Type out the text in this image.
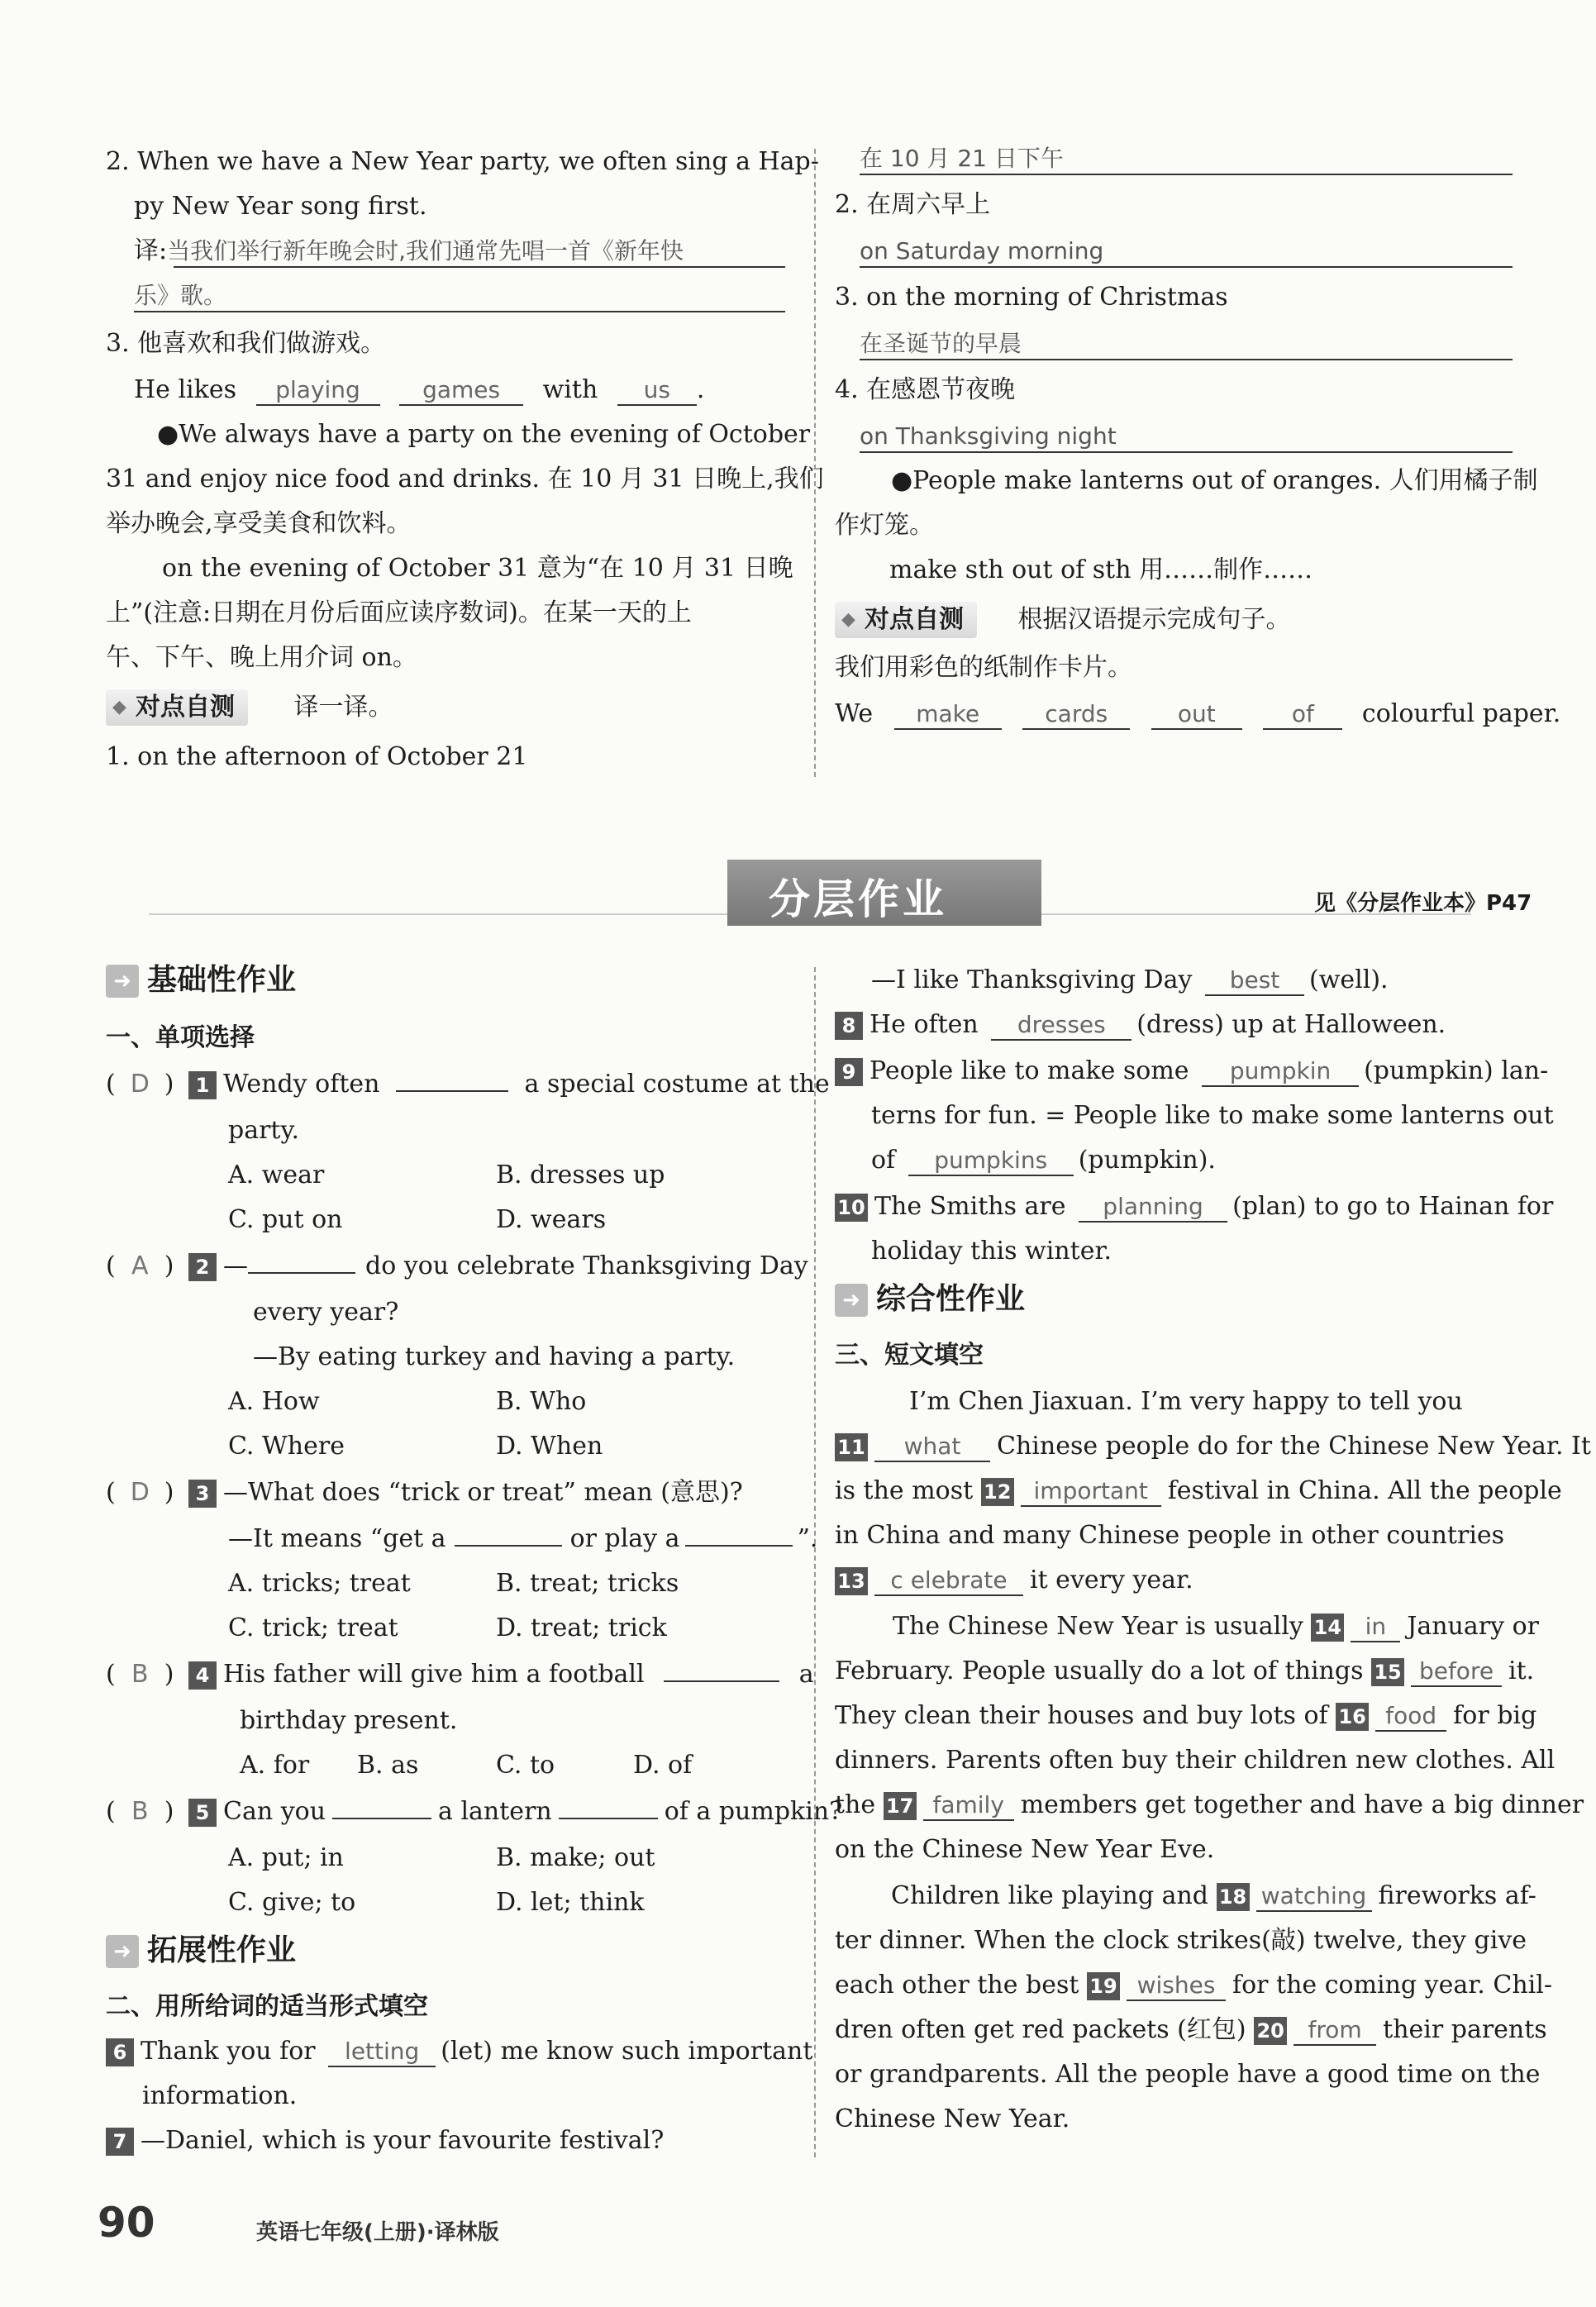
2. When we have a New Year party, we often sing a Hap-
py New Year song first.
译:当我们举行新年晚会时,我们通常先唱一首《新年快
乐》歌。
3. 他喜欢和我们做游戏。
He likes playing	games with us .
●We always have a party on the evening of October
31 and enjoy nice food and drinks. 在 10 月 31 日晚上,我们
举办晚会,享受美食和饮料。
on the evening of October 31 意为“在 10 月 31 日晚
上”(注意:日期在月份后面应读序数词)。在某一天的上
午、下午、晚上用介词 on。
◆ 对点自测 译一译。
1. on the afternoon of October 21
在 10 月 21 日下午
2. 在周六早上
on Saturday morning
3. on the morning of Christmas
在圣诞节的早晨
4. 在感恩节夜晚
on Thanksgiving night
●People make lanterns out of oranges. 人们用橘子制
作灯笼。
make sth out of sth 用……制作……
◆ 对点自测 根据汉语提示完成句子。
我们用彩色的纸制作卡片。
We make	cards	out	of colourful paper.
分层作业	见《分层作业本》P47
➜ 基础性作业
一、单项选择
( D ) 1 Wendy often	a special costume at the
party.
A. wear	B. dresses up
C. put on	D. wears
( A ) 2 —	do you celebrate Thanksgiving Day
every year?
—By eating turkey and having a party.
A. How	B. Who
C. Where	D. When
( D ) 3 —What does “trick or treat” mean (意思)?
—It means “get a	or play a	”.
A. tricks; treat	B. treat; tricks
C. trick; treat	D. treat; trick
( B ) 4 His father will give him a football	a
birthday present.
A. for B. as	C. to	D. of
( B ) 5 Can you	a lantern	of a pumpkin?
A. put; in	B. make; out
C. give; to	D. let; think
➜ 拓展性作业
二、用所给词的适当形式填空
6 Thank you for letting (let) me know such important
information.
7 —Daniel, which is your favourite festival?
—I like Thanksgiving Day best (well).
8 He often dresses (dress) up at Halloween.
9 People like to make some pumpkin (pumpkin) lan-
terns for fun. = People like to make some lanterns out
of pumpkins (pumpkin).
10 The Smiths are planning (plan) to go to Hainan for
holiday this winter.
➜ 综合性作业
三、短文填空
I’m Chen Jiaxuan. I’m very happy to tell you
11 what Chinese people do for the Chinese New Year. It
is the most 12 important festival in China. All the people
in China and many Chinese people in other countries
13 c elebrate it every year.
The Chinese New Year is usually 14 in January or
February. People usually do a lot of things 15 before it.
They clean their houses and buy lots of 16 food for big
dinners. Parents often buy their children new clothes. All
the 17 family members get together and have a big dinner
on the Chinese New Year Eve.
Children like playing and 18 watching fireworks af-
ter dinner. When the clock strikes(敲) twelve, they give
each other the best 19 wishes for the coming year. Chil-
dren often get red packets (红包) 20 from their parents
or grandparents. All the people have a good time on the
Chinese New Year.
90	英语七年级(上册)·译林版
